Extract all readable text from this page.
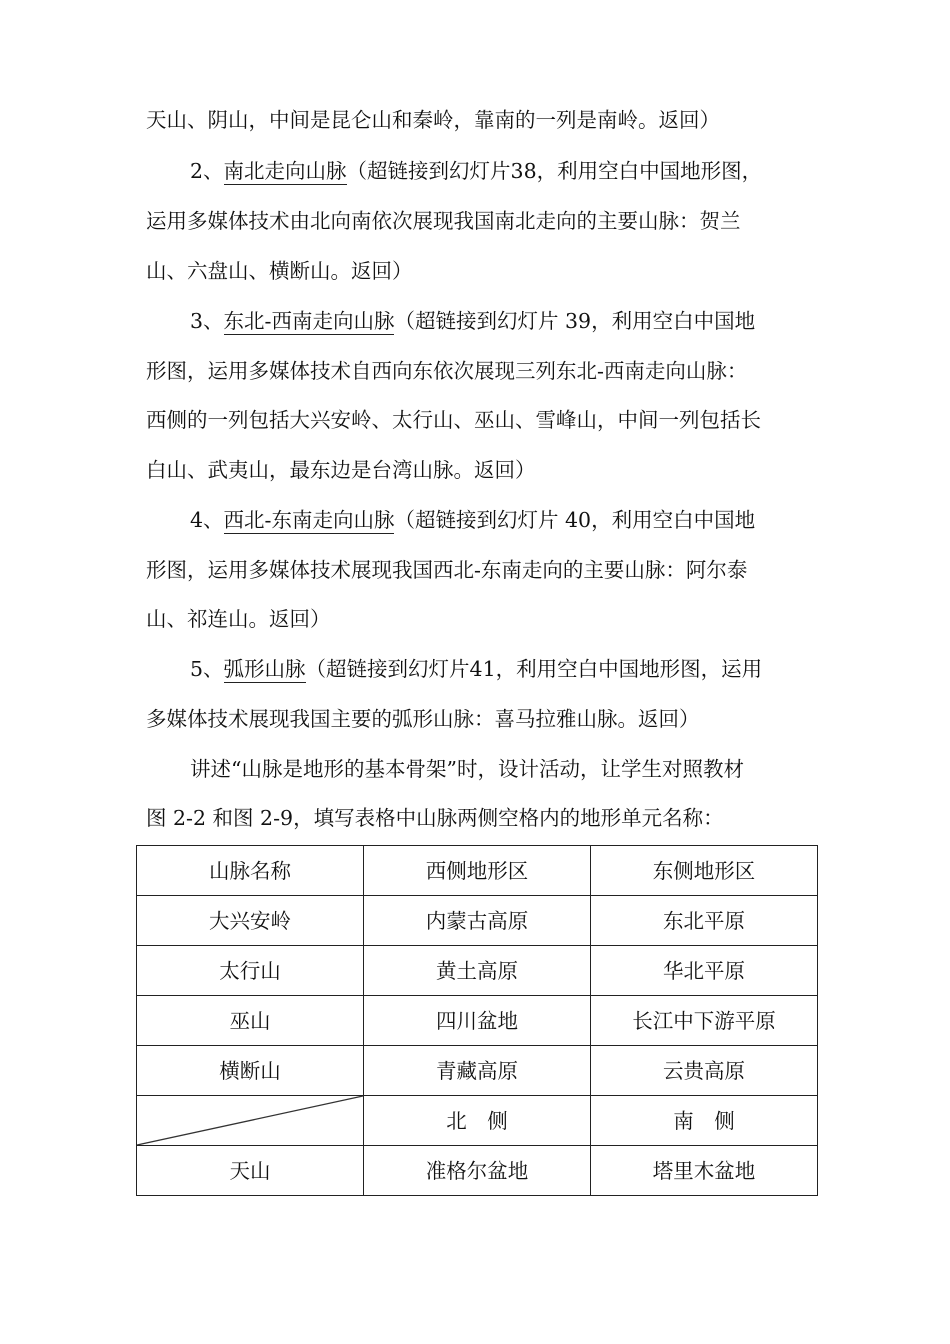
天山、阴山，中间是昆仑山和秦岭，靠南的一列是南岭。返回）
2、南北走向山脉（超链接到幻灯片38，利用空白中国地形图，
运用多媒体技术由北向南依次展现我国南北走向的主要山脉：贺兰
山、六盘山、横断山。返回）
3、东北-西南走向山脉（超链接到幻灯片 39，利用空白中国地
形图，运用多媒体技术自西向东依次展现三列东北-西南走向山脉：
西侧的一列包括大兴安岭、太行山、巫山、雪峰山，中间一列包括长
白山、武夷山，最东边是台湾山脉。返回）
4、西北-东南走向山脉（超链接到幻灯片 40，利用空白中国地
形图，运用多媒体技术展现我国西北-东南走向的主要山脉：阿尔泰
山、祁连山。返回）
5、弧形山脉（超链接到幻灯片41，利用空白中国地形图，运用
多媒体技术展现我国主要的弧形山脉：喜马拉雅山脉。返回）
讲述“山脉是地形的基本骨架”时，设计活动，让学生对照教材
图 2-2 和图 2-9，填写表格中山脉两侧空格内的地形单元名称：
山脉名称	西侧地形区	东侧地形区
大兴安岭	内蒙古高原	东北平原
太行山	黄土高原	华北平原
巫山	四川盆地	长江中下游平原
横断山	青藏高原	云贵高原

	北　侧	南　侧
天山	准格尔盆地	塔里木盆地
